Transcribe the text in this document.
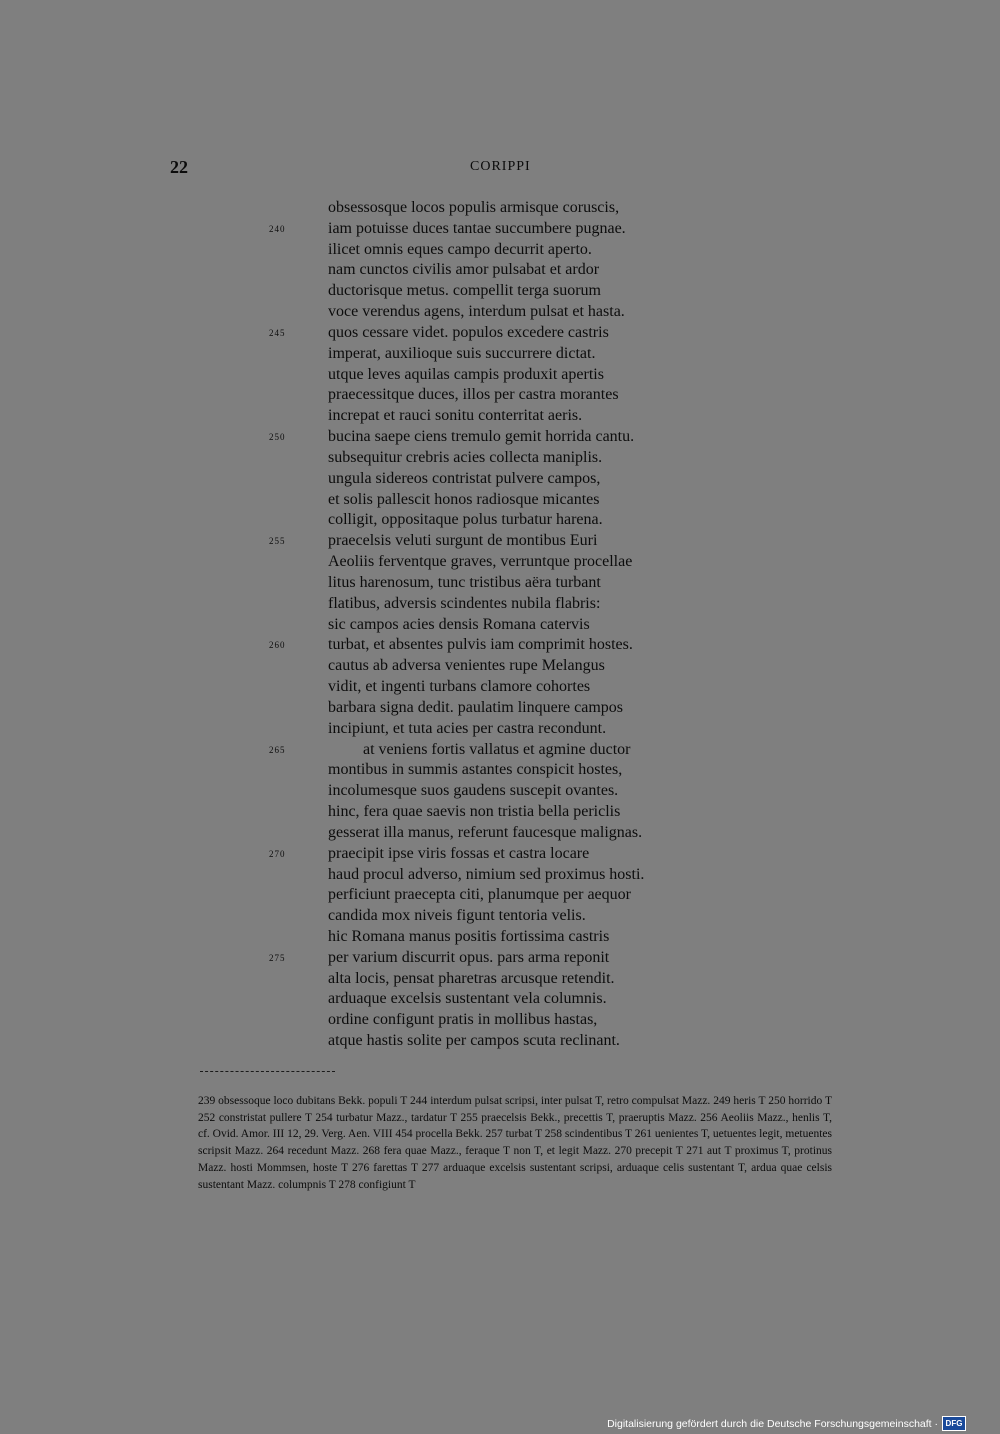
22	CORIPPI
obsessosque locos populis armisque coruscis,
240	iam potuisse duces tantae succumbere pugnae.
ilicet omnis eques campo decurrit aperto.
nam cunctos civilis amor pulsabat et ardor
ductorisque metus. compellit terga suorum
voce verendus agens, interdum pulsat et hasta.
245	quos cessare videt. populos excedere castris
imperat, auxilioque suis succurrere dictat.
utque leves aquilas campis produxit apertis
praecessitque duces, illos per castra morantes
increpat et rauci sonitu conterritat aeris.
250	bucina saepe ciens tremulo gemit horrida cantu.
subsequitur crebris acies collecta maniplis.
ungula sidereos contristat pulvere campos,
et solis pallescit honos radiosque micantes
colligit, oppositaque polus turbatur harena.
255	praecelsis veluti surgunt de montibus Euri
Aeoliis ferventque graves, verruntque procellae
litus harenosum, tunc tristibus aëra turbant
flatibus, adversis scindentes nubila flabris:
sic campos acies densis Romana catervis
260	turbat, et absentes pulvis iam comprimit hostes.
cautus ab adversa venientes rupe Melangus
vidit, et ingenti turbans clamore cohortes
barbara signa dedit. paulatim linquere campos
incipiunt, et tuta acies per castra recondunt.
265	at veniens fortis vallatus et agmine ductor
montibus in summis astantes conspicit hostes,
incolumesque suos gaudens suscepit ovantes.
hinc, fera quae saevis non tristia bella periclis
gesserat illa manus, referunt faucesque malignas.
270	praecipit ipse viris fossas et castra locare
haud procul adverso, nimium sed proximus hosti.
perficiunt praecepta citi, planumque per aequor
candida mox niveis figunt tentoria velis.
hic Romana manus positis fortissima castris
275	per varium discurrit opus. pars arma reponit
alta locis, pensat pharetras arcusque retendit.
arduaque excelsis sustentant vela columnis.
ordine configunt pratis in mollibus hastas,
atque hastis solite per campos scuta reclinant.

239 obsessoque loco dubitans Bekk. populi T 244 interdum pulsat scripsi, inter pulsat T, retro compulsat Mazz. 249 heris T 250 horrido T 252 constristat pullere T 254 turbatur Mazz., tardatur T 255 praecelsis Bekk., precettis T, praeruptis Mazz. 256 Aeoliis Mazz., henlis T, cf. Ovid. Amor. III 12, 29. Verg. Aen. VIII 454 procella Bekk. 257 turbat T 258 scindentibus T 261 uenientes T, uetuentes legit, metuentes scripsit Mazz. 264 recedunt Mazz. 268 fera quae Mazz., feraque T non T, et legit Mazz. 270 precepit T 271 aut T proximus T, protinus Mazz. hosti Mommsen, hoste T 276 farettas T 277 arduaque excelsis sustentant scripsi, arduaque celis sustentant T, ardua quae celsis sustentant Mazz. columpnis T 278 configiunt T

Digitalisierung gefördert durch die Deutsche Forschungsgemeinschaft · DFG
